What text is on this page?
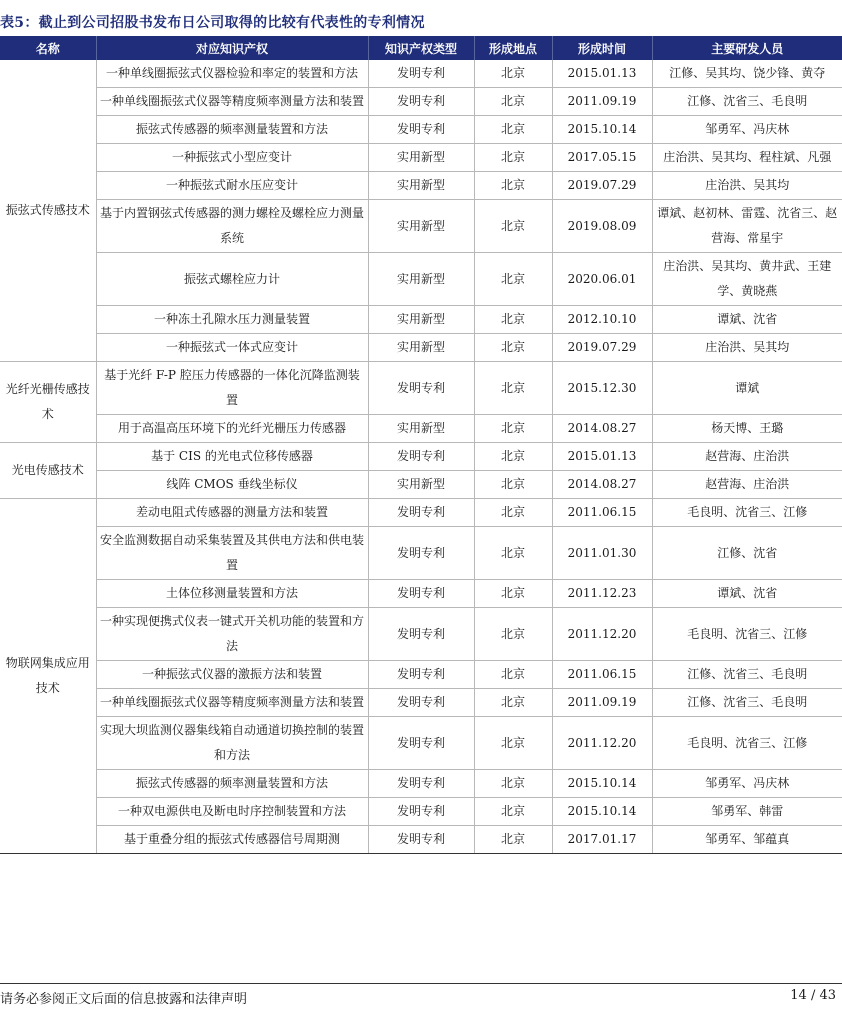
表5：截止到公司招股书发布日公司取得的比较有代表性的专利情况
名称	对应知识产权	知识产权类型	形成地点	形成时间	主要研发人员
振弦式传感技术	一种单线圈振弦式仪器检验和率定的装置和方法	发明专利	北京	2015.01.13	江修、吴其均、饶少锋、黄夺
	一种单线圈振弦式仪器等精度频率测量方法和装置	发明专利	北京	2011.09.19	江修、沈省三、毛良明
	振弦式传感器的频率测量装置和方法	发明专利	北京	2015.10.14	邹勇军、冯庆林
	一种振弦式小型应变计	实用新型	北京	2017.05.15	庄治洪、吴其均、程柱斌、凡强
	一种振弦式耐水压应变计	实用新型	北京	2019.07.29	庄治洪、吴其均
	基于内置钢弦式传感器的测力螺栓及螺栓应力测量系统	实用新型	北京	2019.08.09	谭斌、赵初林、雷霆、沈省三、赵营海、常星宇
	振弦式螺栓应力计	实用新型	北京	2020.06.01	庄治洪、吴其均、黄井武、王建学、黄晓燕
	一种冻土孔隙水压力测量装置	实用新型	北京	2012.10.10	谭斌、沈省
	一种振弦式一体式应变计	实用新型	北京	2019.07.29	庄治洪、吴其均
光纤光栅传感技术	基于光纤 F-P 腔压力传感器的一体化沉降监测装置	发明专利	北京	2015.12.30	谭斌
	用于高温高压环境下的光纤光栅压力传感器	实用新型	北京	2014.08.27	杨天博、王璐
光电传感技术	基于 CIS 的光电式位移传感器	发明专利	北京	2015.01.13	赵营海、庄治洪
	线阵 CMOS 垂线坐标仪	实用新型	北京	2014.08.27	赵营海、庄治洪
物联网集成应用技术	差动电阻式传感器的测量方法和装置	发明专利	北京	2011.06.15	毛良明、沈省三、江修
	安全监测数据自动采集装置及其供电方法和供电装置	发明专利	北京	2011.01.30	江修、沈省
	土体位移测量装置和方法	发明专利	北京	2011.12.23	谭斌、沈省
	一种实现便携式仪表一键式开关机功能的装置和方法	发明专利	北京	2011.12.20	毛良明、沈省三、江修
	一种振弦式仪器的激振方法和装置	发明专利	北京	2011.06.15	江修、沈省三、毛良明
	一种单线圈振弦式仪器等精度频率测量方法和装置	发明专利	北京	2011.09.19	江修、沈省三、毛良明
	实现大坝监测仪器集线箱自动通道切换控制的装置和方法	发明专利	北京	2011.12.20	毛良明、沈省三、江修
	振弦式传感器的频率测量装置和方法	发明专利	北京	2015.10.14	邹勇军、冯庆林
	一种双电源供电及断电时序控制装置和方法	发明专利	北京	2015.10.14	邹勇军、韩雷
	基于重叠分组的振弦式传感器信号周期测	发明专利	北京	2017.01.17	邹勇军、邹蕴真
请务必参阅正文后面的信息披露和法律声明	14 / 43
